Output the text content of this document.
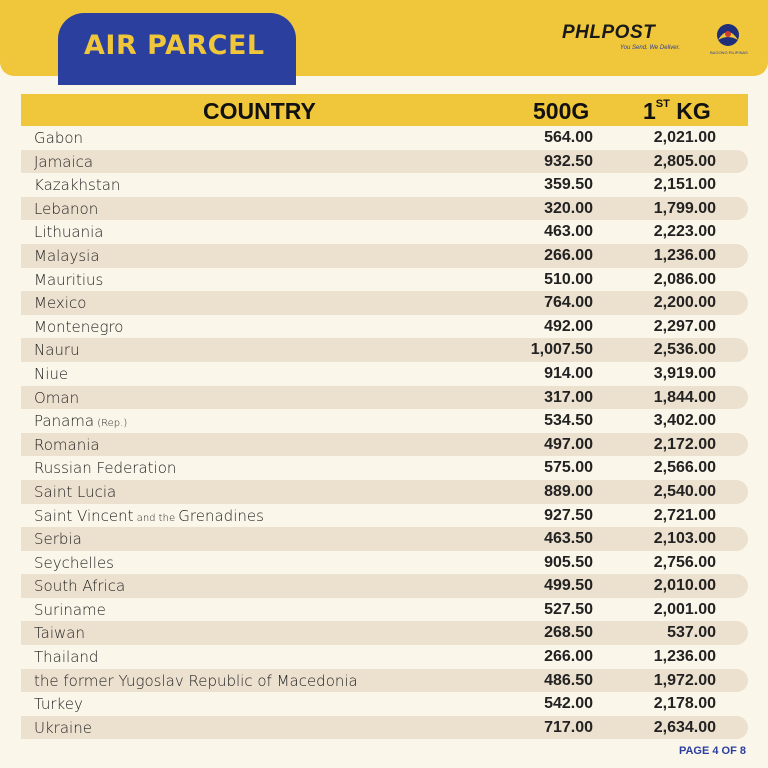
AIR PARCEL	PHLPOST
You Send. We Deliver.
BAGONG PILIPINAS
COUNTRY	500G 1ST KG
Gabon	564.00	2,021.00
Jamaica	932.50	2,805.00
Kazakhstan	359.50	2,151.00
Lebanon	320.00	1,799.00
Lithuania	463.00	2,223.00
Malaysia	266.00	1,236.00
Mauritius	510.00	2,086.00
Mexico	764.00	2,200.00
Montenegro	492.00	2,297.00
Nauru	1,007.50	2,536.00
Niue	914.00	3,919.00
Oman	317.00	1,844.00
Panama (Rep.)	534.50	3,402.00
Romania	497.00	2,172.00
Russian Federation	575.00	2,566.00
Saint Lucia	889.00	2,540.00
Saint Vincent and the Grenadines	927.50	2,721.00
Serbia	463.50	2,103.00
Seychelles	905.50	2,756.00
South Africa	499.50	2,010.00
Suriname	527.50	2,001.00
Taiwan	268.50	537.00
Thailand	266.00	1,236.00
the former Yugoslav Republic of Macedonia	486.50	1,972.00
Turkey	542.00	2,178.00
Ukraine	717.00	2,634.00
PAGE 4 OF 8
